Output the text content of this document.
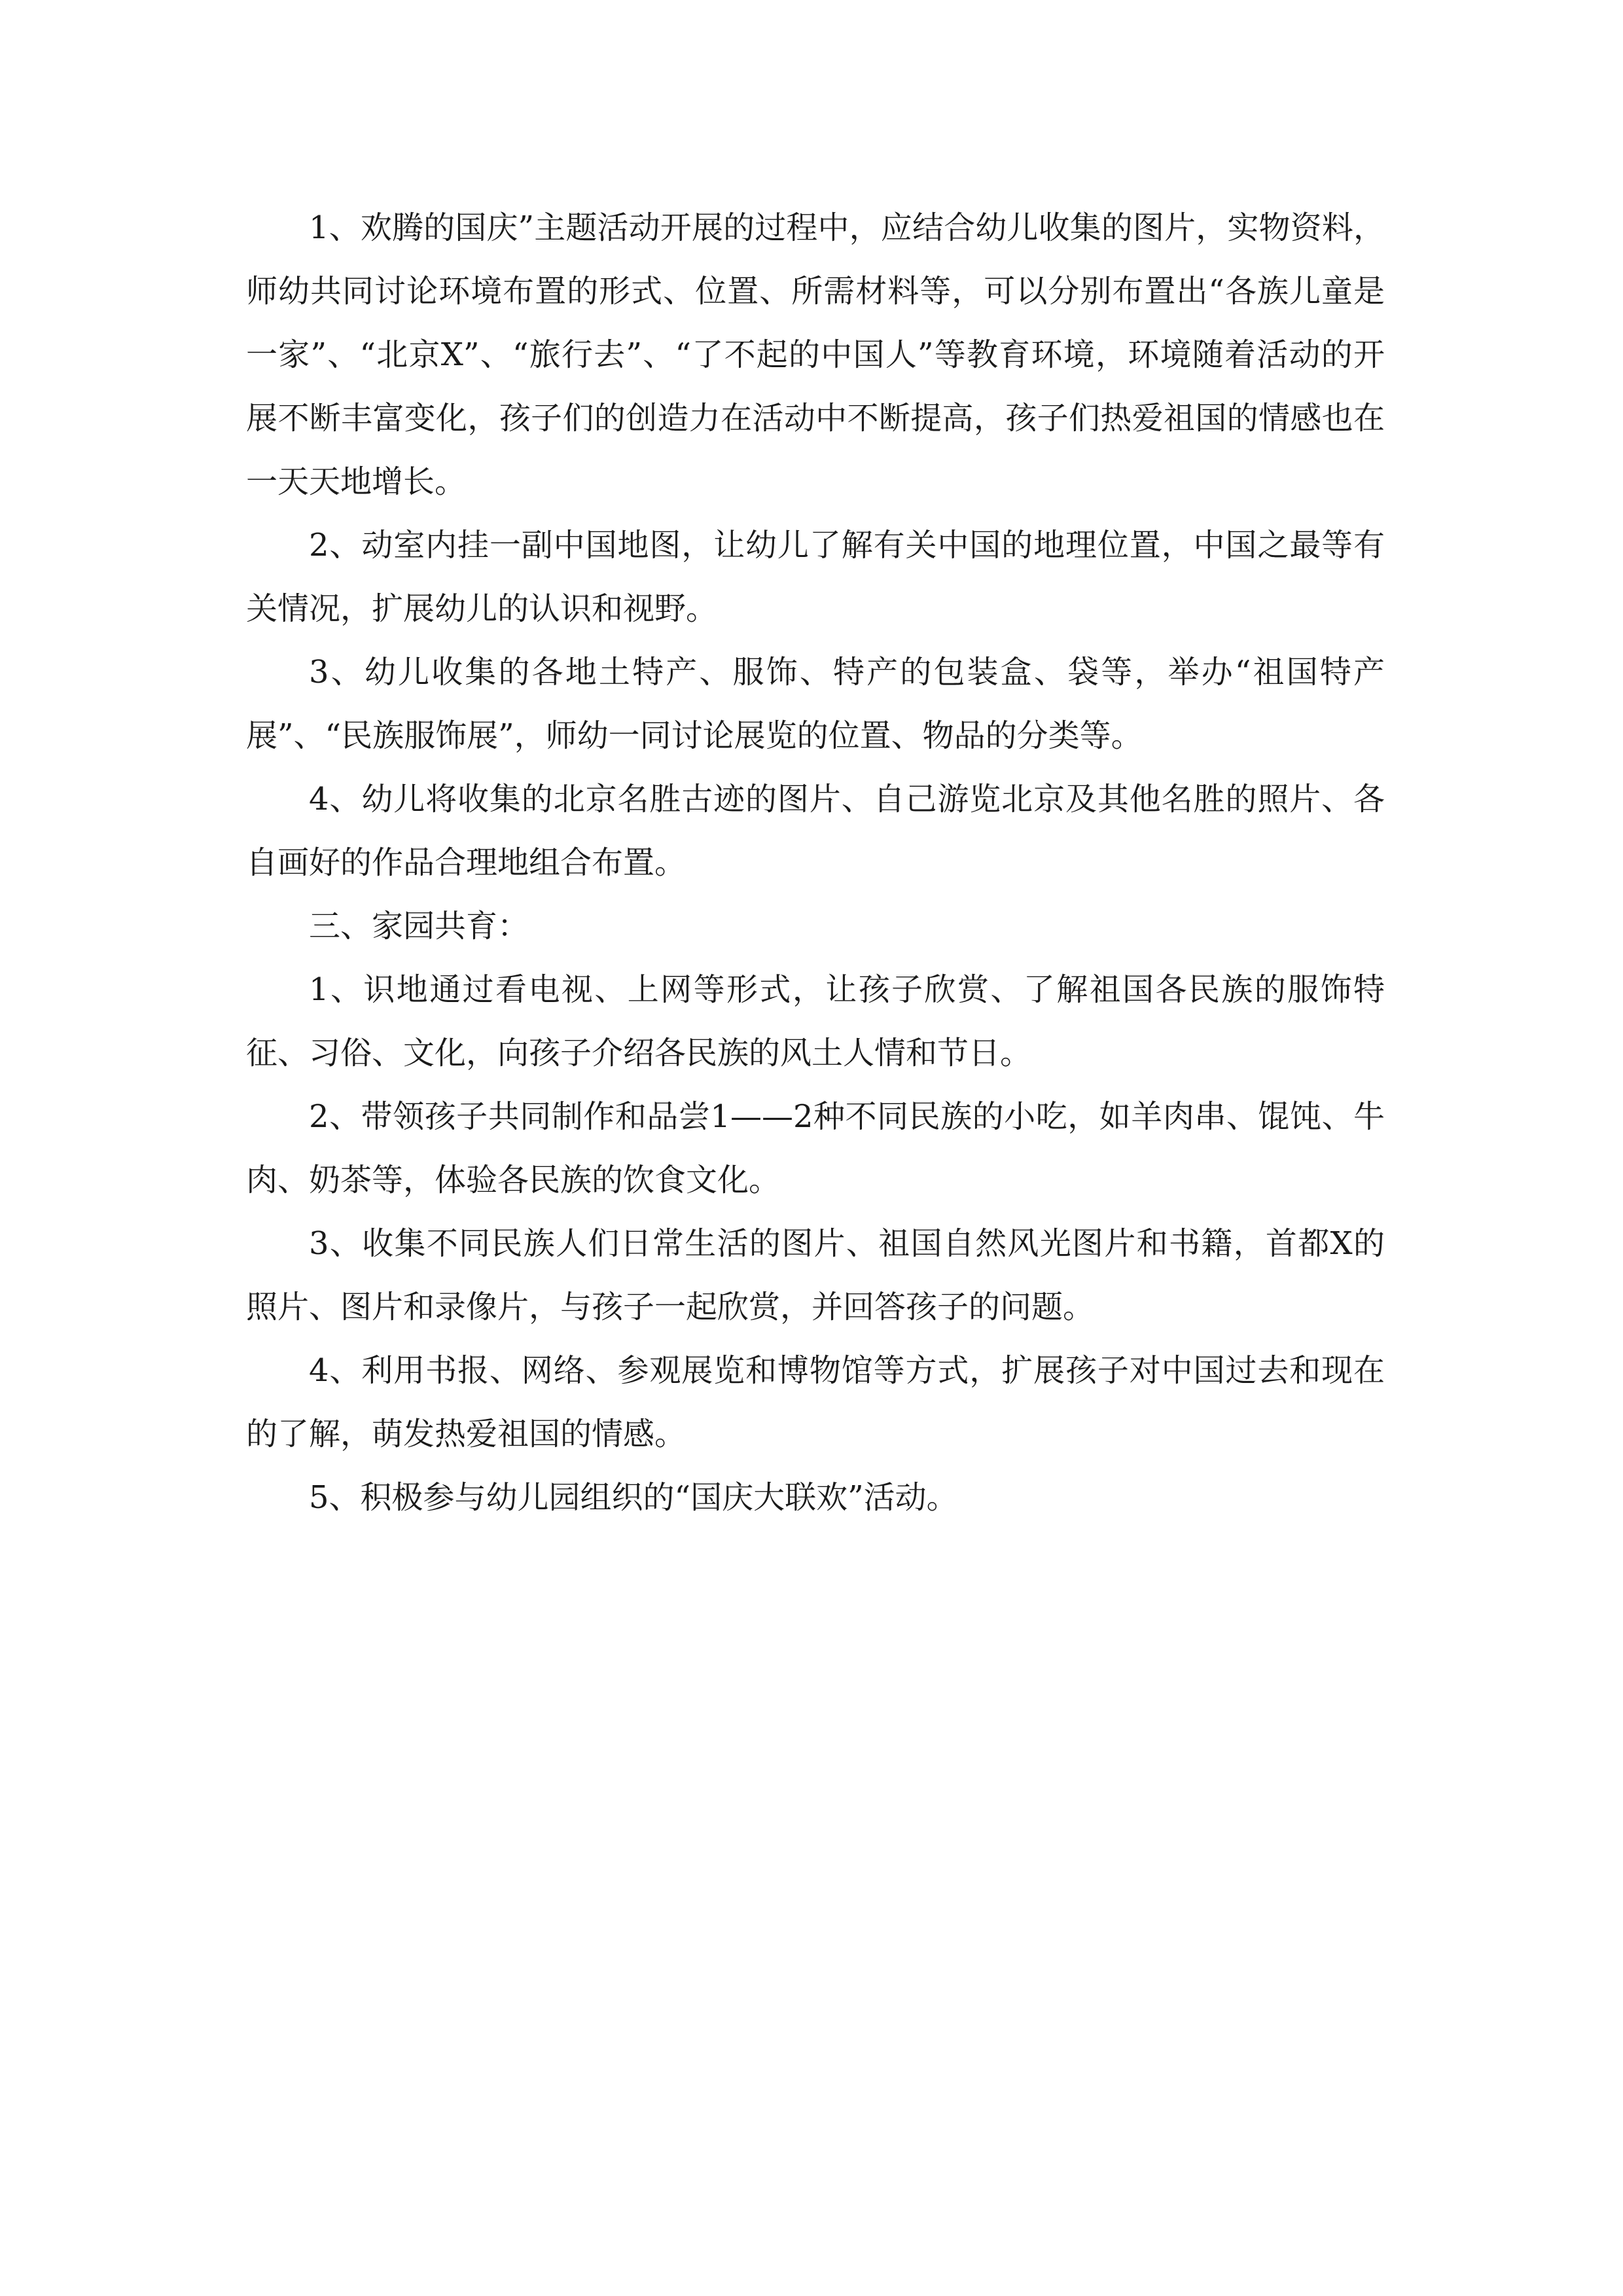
1、欢腾的国庆”主题活动开展的过程中，应结合幼儿收集的图片，实物资料，师幼共同讨论环境布置的形式、位置、所需材料等，可以分别布置出“各族儿童是一家”、“北京X”、“旅行去”、“了不起的中国人”等教育环境，环境随着活动的开展不断丰富变化，孩子们的创造力在活动中不断提高，孩子们热爱祖国的情感也在一天天地增长。

2、动室内挂一副中国地图，让幼儿了解有关中国的地理位置，中国之最等有关情况，扩展幼儿的认识和视野。

3、幼儿收集的各地土特产、服饰、特产的包装盒、袋等，举办“祖国特产展”、“民族服饰展”，师幼一同讨论展览的位置、物品的分类等。

4、幼儿将收集的北京名胜古迹的图片、自己游览北京及其他名胜的照片、各自画好的作品合理地组合布置。

三、家园共育：

1、识地通过看电视、上网等形式，让孩子欣赏、了解祖国各民族的服饰特征、习俗、文化，向孩子介绍各民族的风土人情和节日。

2、带领孩子共同制作和品尝1——2种不同民族的小吃，如羊肉串、馄饨、牛肉、奶茶等，体验各民族的饮食文化。

3、收集不同民族人们日常生活的图片、祖国自然风光图片和书籍，首都X的照片、图片和录像片，与孩子一起欣赏，并回答孩子的问题。

4、利用书报、网络、参观展览和博物馆等方式，扩展孩子对中国过去和现在的了解，萌发热爱祖国的情感。

5、积极参与幼儿园组织的“国庆大联欢”活动。
